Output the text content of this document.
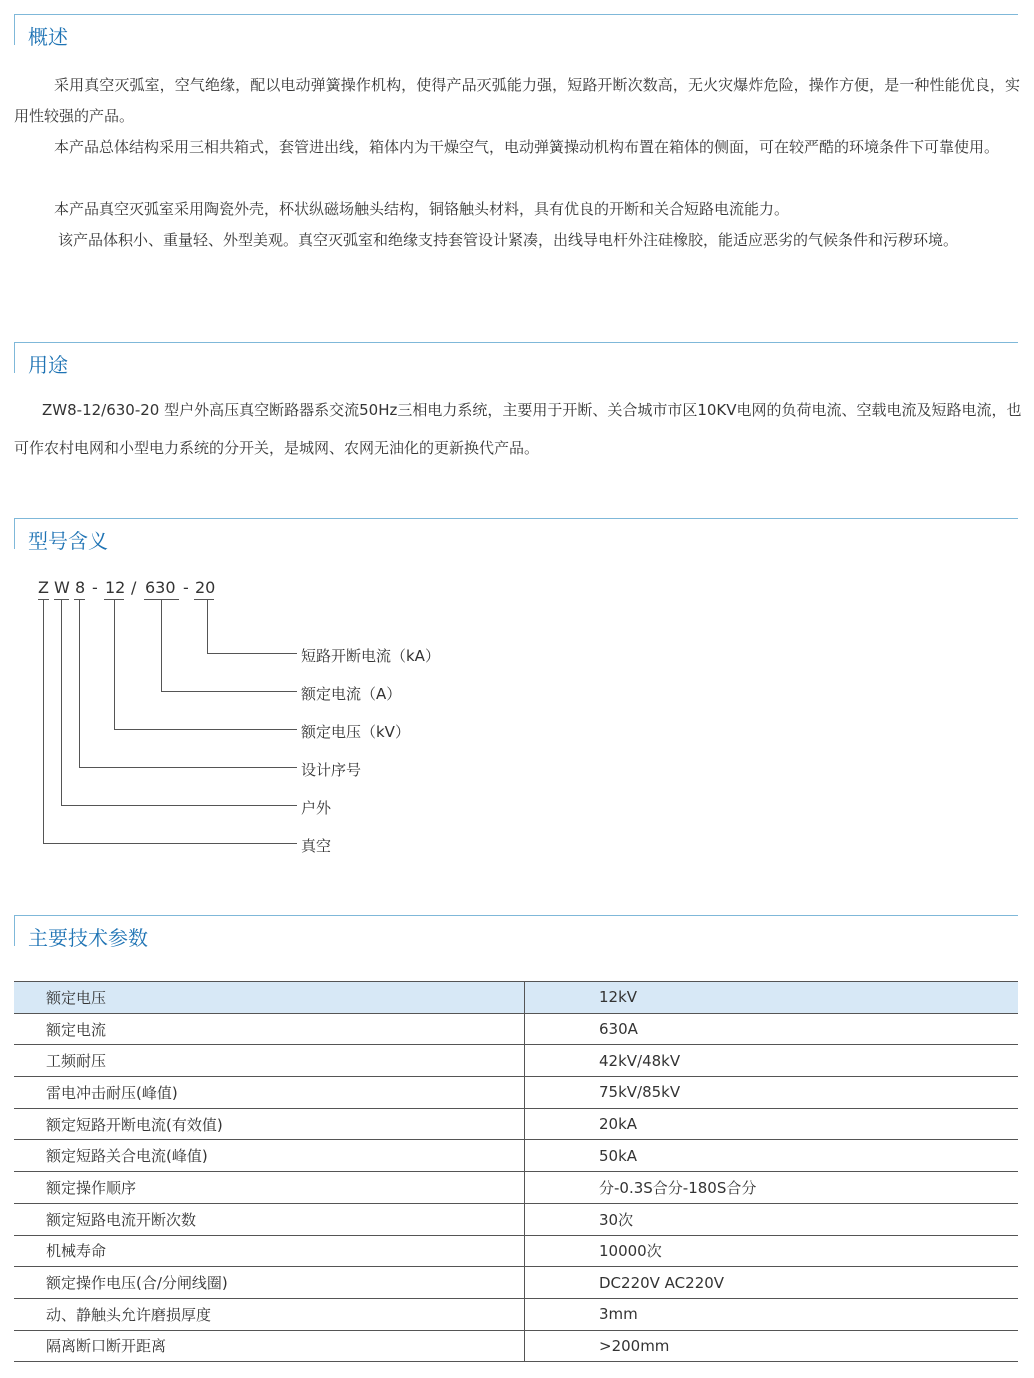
概述

采用真空灭弧室，空气绝缘，配以电动弹簧操作机构，使得产品灭弧能力强，短路开断次数高，无火灾爆炸危险，操作方便，是一种性能优良，实用性较强的产品。

本产品总体结构采用三相共箱式，套管进出线，箱体内为干燥空气，电动弹簧操动机构布置在箱体的侧面，可在较严酷的环境条件下可靠使用。

本产品真空灭弧室采用陶瓷外壳，杯状纵磁场触头结构，铜铬触头材料，具有优良的开断和关合短路电流能力。

该产品体积小、重量轻、外型美观。真空灭弧室和绝缘支持套管设计紧凑，出线导电杆外注硅橡胶，能适应恶劣的气候条件和污秽环境。

用途

ZW8-12/630-20 型户外高压真空断路器系交流50Hz三相电力系统，主要用于开断、关合城市市区10KV电网的负荷电流、空载电流及短路电流，也可作农村电网和小型电力系统的分开关，是城网、农网无油化的更新换代产品。

型号含义
Z W 8 - 12 / 630 - 20
短路开断电流（kA）
额定电流（A）
额定电压（kV）
设计序号
户外
真空
主要技术参数
额定电压	12kV
额定电流	630A
工频耐压	42kV/48kV
雷电冲击耐压(峰值)	75kV/85kV
额定短路开断电流(有效值)	20kA
额定短路关合电流(峰值)	50kA
额定操作顺序	分-0.3S合分-180S合分
额定短路电流开断次数	30次
机械寿命	10000次
额定操作电压(合/分闸线圈)	DC220V AC220V
动、静触头允许磨损厚度	3mm
隔离断口断开距离	>200mm
